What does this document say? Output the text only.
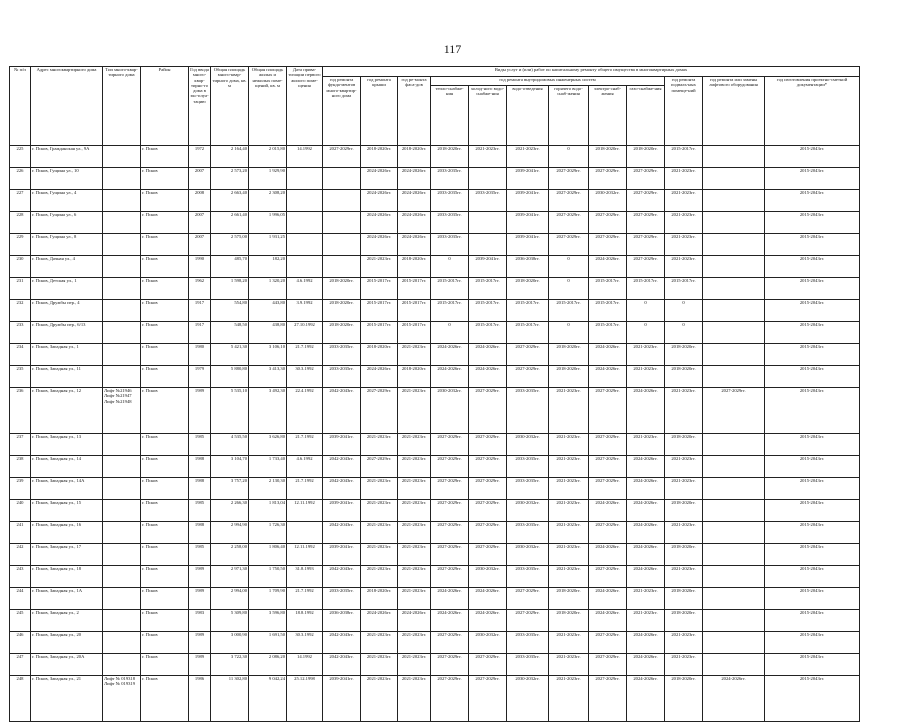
117
№ п/п	Адрес многоквартирного дома	Тип много-квар-тирного дома	Район	Год ввода много-квар-тирно-го дома в экс-плуа-тацию	Общая площадь много-квар-тирного дома, кв. м	Общая площадь жилых и нежилых поме-щений, кв. м	Дата прива-тизации первого жилого поме-щения	Виды услуг и (или) работ по капитальному ремонту общего имущества в многоквартирных домах											
								год ремонта фунда-ментов много-квартир-ного дома	год ремонта крыши	год ре-монта фаса-дов	год ремонта внутридомовых инженерных систем						год ремонта подваль-ных помеще-ний	год ремонта или замены лифтового оборудования	год изготовления проектно-сметной документации*
											тепло-снабже-ния	холод-ного водо-снабже-ния	водо-отведения	горячего водо-снаб-жения	электро-снаб-жения	газо-снабже-ния			
225	г. Псков, Гражданская ул., 9А		г. Псков	1972	2 164,40	2 015,80	14.1992	2027-2029гг.	2018-2020гг.	2018-2020гг.	2018-2020гг.	2021-2023гг.	2021-2023гг.	0	2018-2020гг.	2018-2020гг.	2015-2017гг.		2015-2043гг.
226	г. Псков, Гущина ул., 10		г. Псков	2007	2 573,20	1 929,90			2024-2026гг.	2024-2026гг.	2033-2035гг.		2039-2041гг.	2027-2029гг.	2027-2029гг.	2027-2029гг.	2021-2023гг.		2015-2043гг.
227	г. Псков, Гущина ул., 4		г. Псков	2008	2 663,40	2 308,20			2024-2026гг.	2024-2026гг.	2033-2035гг.	2033-2035гг.	2039-2041гг.	2027-2029гг.	2030-2032гг.	2027-2029гг.	2021-2023гг.		2015-2043гг.
228	г. Псков, Гущина ул., 6		г. Псков	2007	2 661,40	1 996,05			2024-2026гг.	2024-2026гг.	2033-2035гг.		2039-2041гг.	2027-2029гг.	2027-2029гг.	2027-2029гг.	2021-2023гг.		2015-2043гг.
229	г. Псков, Гущина ул., 8		г. Псков	2007	2 575,00	1 931,25			2024-2026гг.	2024-2026гг.	2033-2035гг.		2039-2041гг.	2027-2029гг.	2027-2029гг.	2027-2029гг.	2021-2023гг.		2015-2043гг.
230	г. Псков, Дачная ул., 4		г. Псков	1990	485,70	182,20			2021-2023гг.	2018-2020гг.	0	2039-2041гг.	2036-2038гг.	0	2024-2026гг.	2027-2029гг.	2021-2023гг.		2015-2043гг.
231	г. Псков, Детская ул., 1		г. Псков	1962	1 598,20	1 320,20	4.6.1992	2018-2020гг.	2015-2017гг.	2015-2017гг.	2015-2017гг.	2015-2017гг.	2018-2020гг.	0	2015-2017гг.	2015-2017гг.	2015-2017гг.		2015-2043гг.
232	г. Псков, Дружбы пер., 4		г. Псков	1917	554,80	443,80	3.9.1992	2018-2020гг.	2015-2017гг.	2015-2017гг.	2015-2017гг.	2015-2017гг.	2015-2017гг.	2015-2017гг.	2015-2017гг.	0	0		2015-2043гг.
233	г. Псков, Дружбы пер., 6/13		г. Псков	1917	548,50	438,80	27.10.1992	2018-2020гг.	2015-2017гг.	2015-2017гг.	0	2015-2017гг.	2015-2017гг.	0	2015-2017гг.	0	0		2015-2043гг.
234	г. Псков, Западная ул., 1		г. Псков	1980	5 421,30	3 106,10	21.7.1992	2033-2035гг.	2018-2020гг.	2021-2023гг.	2024-2026гг.	2024-2026гг.	2027-2029гг.	2018-2020гг.	2024-2026гг.	2021-2023гг.	2018-2020гг.		2015-2043гг.
235	г. Псков, Западная ул., 11		г. Псков	1979	5 880,80	3 413,30	30.3.1992	2033-2035гг.	2024-2026гг.	2018-2020гг.	2024-2026гг.	2024-2026гг.	2027-2029гг.	2018-2020гг.	2024-2026гг.	2021-2023гг.	2018-2020гг.		2015-2043гг.
236	г. Псков, Западная ул., 12	Лифт №21946 Лифт №21947 Лифт №21948	г. Псков	1989	5 535,10	3 492,30	22.4.1992	2042-2043гг.	2027-2029гг.	2021-2023гг.	2030-2032гг.	2027-2029гг.	2033-2035гг.	2021-2023гг.	2027-2029гг.	2024-2026гг.	2021-2023гг.	2027-2029гг.	2015-2043гг.
237	г. Псков, Западная ул., 13		г. Псков	1985	4 535,50	3 626,80	21.7.1992	2039-2041гг.	2021-2023гг.	2021-2023гг.	2027-2029гг.	2027-2029гг.	2030-2032гг.	2021-2023гг.	2027-2029гг.	2021-2023гг.	2018-2020гг.		2015-2043гг.
238	г. Псков, Западная ул., 14		г. Псков	1988	3 104,70	1 733,40	4.6.1992	2042-2043гг.	2027-2029гг.	2021-2023гг.	2027-2029гг.	2027-2029гг.	2033-2035гг.	2021-2023гг.	2027-2029гг.	2024-2026гг.	2021-2023гг.		2015-2043гг.
239	г. Псков, Западная ул., 14А		г. Псков	1988	3 757,20	2 130,30	21.7.1992	2042-2043гг.	2021-2023гг.	2021-2023гг.	2027-2029гг.	2027-2029гг.	2033-2035гг.	2021-2023гг.	2027-2029гг.	2024-2026гг.	2021-2023гг.		2015-2043гг.
240	г. Псков, Западная ул., 15		г. Псков	1985	2 266,30	1 813,04	12.11.1992	2039-2041гг.	2021-2023гг.	2021-2023гг.	2027-2029гг.	2027-2029гг.	2030-2032гг.	2021-2023гг.	2024-2026гг.	2024-2026гг.	2018-2020гг.		2015-2043гг.
241	г. Псков, Западная ул., 16		г. Псков	1988	2 994,90	1 726,30		2042-2043гг.	2021-2023гг.	2021-2023гг.	2027-2029гг.	2027-2029гг.	2033-2035гг.	2021-2023гг.	2027-2029гг.	2024-2026гг.	2021-2023гг.		2015-2043гг.
242	г. Псков, Западная ул., 17		г. Псков	1985	2 258,00	1 806,40	12.11.1992	2039-2041гг.	2021-2023гг.	2021-2023гг.	2027-2029гг.	2027-2029гг.	2030-2032гг.	2021-2023гг.	2024-2026гг.	2024-2026гг.	2018-2020гг.		2015-2043гг.
243	г. Псков, Западная ул., 18		г. Псков	1989	2 971,30	1 750,50	31.8.1993	2042-2043гг.	2021-2023гг.	2021-2023гг.	2027-2029гг.	2030-2032гг.	2033-2035гг.	2021-2023гг.	2027-2029гг.	2024-2026гг.	2021-2023гг.		2015-2043гг.
244	г. Псков, Западная ул., 1А		г. Псков	1989	2 994,00	1 709,90	21.7.1992	2033-2035гг.	2018-2020гг.	2021-2023гг.	2024-2026гг.	2024-2026гг.	2027-2029гг.	2018-2020гг.	2024-2026гг.	2021-2023гг.	2018-2020гг.		2015-2043гг.
245	г. Псков, Западная ул., 2		г. Псков	1983	5 309,80	3 596,80	18.8.1992	2036-2038гг.	2024-2026гг.	2024-2026гг.	2024-2026гг.	2024-2026гг.	2027-2029гг.	2018-2020гг.	2024-2026гг.	2021-2023гг.	2018-2020гг.		2015-2043гг.
246	г. Псков, Западная ул., 20		г. Псков	1989	3 000,90	1 691,50	30.3.1992	2042-2043гг.	2021-2023гг.	2021-2023гг.	2027-2029гг.	2030-2032гг.	2033-2035гг.	2021-2023гг.	2027-2029гг.	2024-2026гг.	2021-2023гг.		2015-2043гг.
247	г. Псков, Западная ул., 20А		г. Псков	1989	3 722,30	2 086,20	14.1992	2042-2043гг.	2021-2023гг.	2021-2023гг.	2027-2029гг.	2027-2029гг.	2033-2035гг.	2021-2023гг.	2027-2029гг.	2024-2026гг.	2021-2023гг.		2015-2043гг.
248	г. Псков, Западная ул., 21	Лифт № 019318 Лифт № 019319	г. Псков	1986	11 302,80	9 042,24	25.12.1998	2039-2041гг.	2021-2023гг.	2021-2023гг.	2027-2029гг.	2027-2029гг.	2030-2032гг.	2021-2023гг.	2027-2029гг.	2024-2026гг.	2018-2020гг.	2024-2026гг.	2015-2043гг.
